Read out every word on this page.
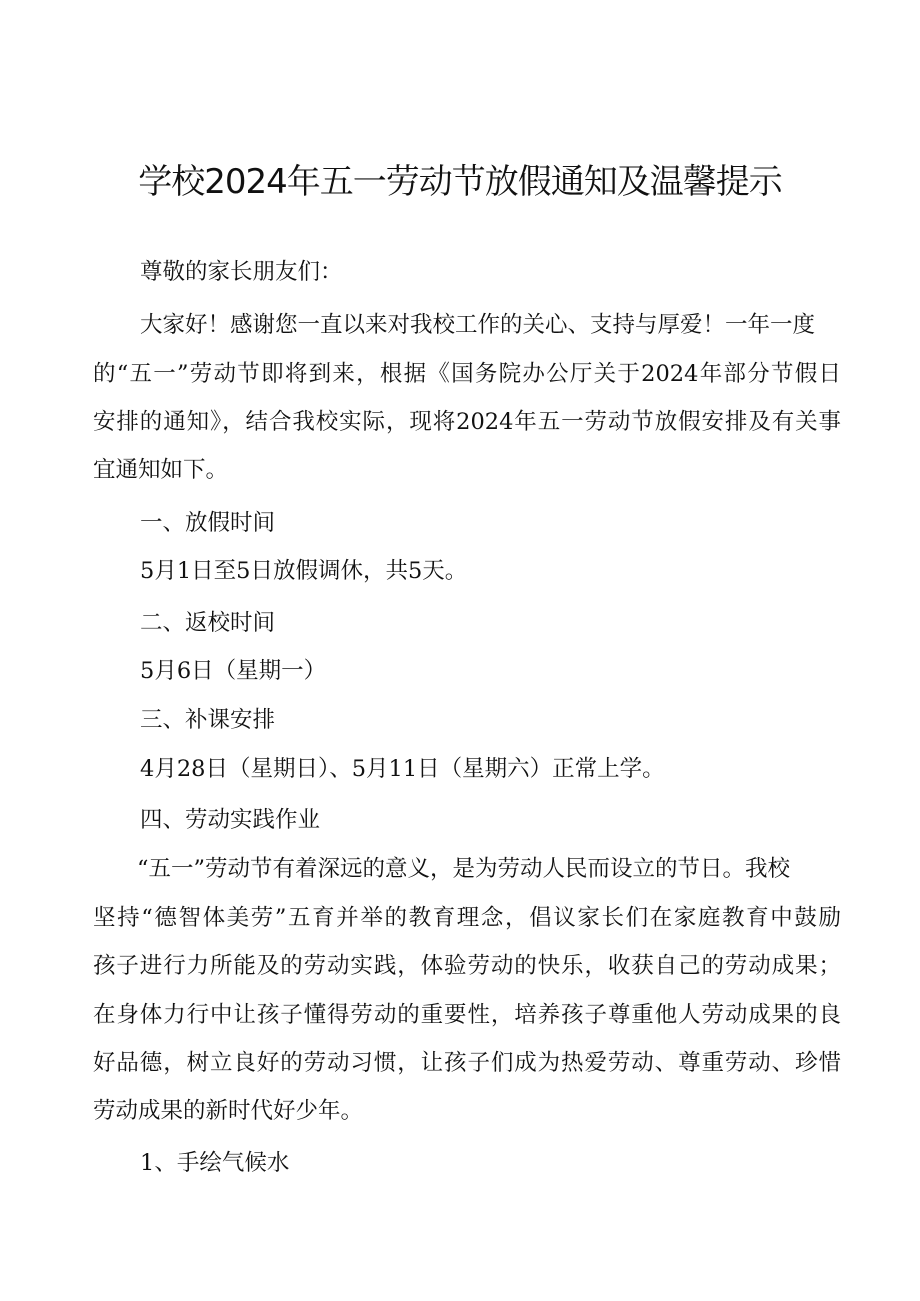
学校2024年五一劳动节放假通知及温馨提示

尊敬的家长朋友们：

大家好！感谢您一直以来对我校工作的关心、支持与厚爱！一年一度

的“五一”劳动节即将到来，根据《国务院办公厅关于2024年部分节假日

安排的通知》，结合我校实际，现将2024年五一劳动节放假安排及有关事

宜通知如下。

一、放假时间

5月1日至5日放假调休，共5天。

二、返校时间

5月6日（星期一）

三、补课安排

4月28日（星期日）、5月11日（星期六）正常上学。

四、劳动实践作业

“五一”劳动节有着深远的意义，是为劳动人民而设立的节日。我校

坚持“德智体美劳”五育并举的教育理念，倡议家长们在家庭教育中鼓励

孩子进行力所能及的劳动实践，体验劳动的快乐，收获自己的劳动成果；

在身体力行中让孩子懂得劳动的重要性，培养孩子尊重他人劳动成果的良

好品德，树立良好的劳动习惯，让孩子们成为热爱劳动、尊重劳动、珍惜

劳动成果的新时代好少年。

1、手绘气候水
